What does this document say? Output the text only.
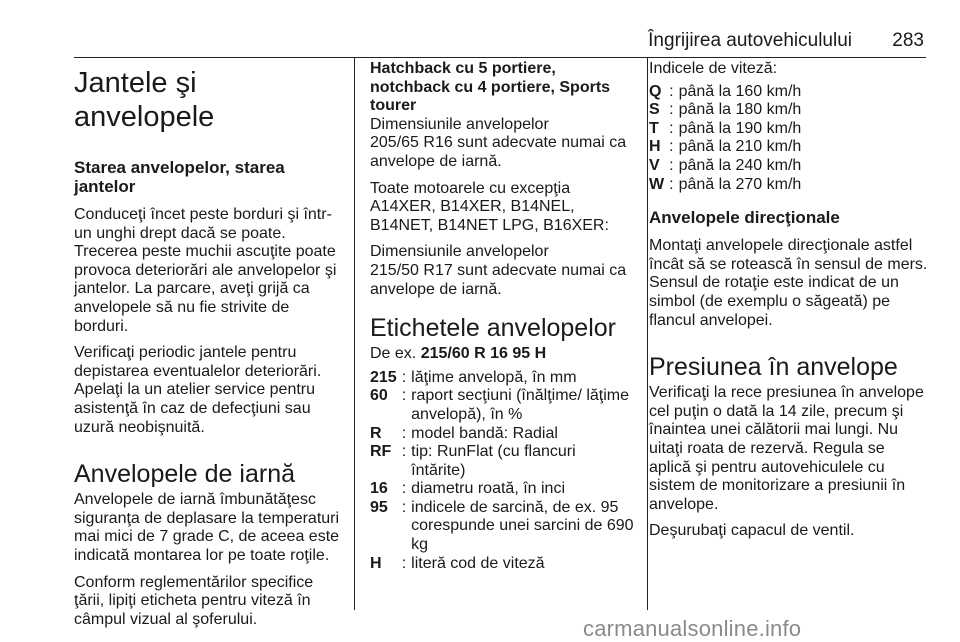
Îngrijirea autovehiculului 283
Jantele şi anvelopele
Starea anvelopelor, starea jantelor

Conduceţi încet peste borduri şi într-un unghi drept dacă se poate. Trecerea peste muchii ascuţite poate provoca deteriorări ale anvelopelor şi jantelor. La parcare, aveţi grijă ca anvelopele să nu fie strivite de borduri.

Verificaţi periodic jantele pentru depistarea eventualelor deteriorări. Apelaţi la un atelier service pentru asistenţă în caz de defecţiuni sau uzură neobişnuită.

Anvelopele de iarnă

Anvelopele de iarnă îmbunătăţesc siguranţa de deplasare la temperaturi mai mici de 7 grade C, de aceea este indicată montarea lor pe toate roţile.

Conform reglementărilor specifice ţării, lipiţi eticheta pentru viteză în câmpul vizual al şoferului.

Hatchback cu 5 portiere, notchback cu 4 portiere, Sports tourer

Dimensiunile anvelopelor

205/65 R16 sunt adecvate numai ca anvelope de iarnă.

Toate motoarele cu excepţia A14XER, B14XER, B14NEL, B14NET, B14NET LPG, B16XER:

Dimensiunile anvelopelor

215/50 R17 sunt adecvate numai ca anvelope de iarnă.

Etichetele anvelopelor

De ex. 215/60 R 16 95 H

215	:	lăţime anvelopă, în mm
60	:	raport secţiuni (înălţime/ lăţime anvelopă), în %
R	:	model bandă: Radial
RF	:	tip: RunFlat (cu flancuri întărite)
16	:	diametru roată, în inci
95	:	indicele de sarcină, de ex. 95 corespunde unei sarcini de 690 kg
H	:	literă cod de viteză

Indicele de viteză:

Q	:	până la 160 km/h
S	:	până la 180 km/h
T	:	până la 190 km/h
H	:	până la 210 km/h
V	:	până la 240 km/h
W	:	până la 270 km/h
Anvelopele direcţionale

Montaţi anvelopele direcţionale astfel încât să se rotească în sensul de mers. Sensul de rotaţie este indicat de un simbol (de exemplu o săgeată) pe flancul anvelopei.

Presiunea în anvelope

Verificaţi la rece presiunea în anvelope cel puţin o dată la 14 zile, precum şi înaintea unei călătorii mai lungi. Nu uitaţi roata de rezervă. Regula se aplică şi pentru autovehiculele cu sistem de monitorizare a presiunii în anvelope.

Deşurubaţi capacul de ventil.

carmanualsonline.info
